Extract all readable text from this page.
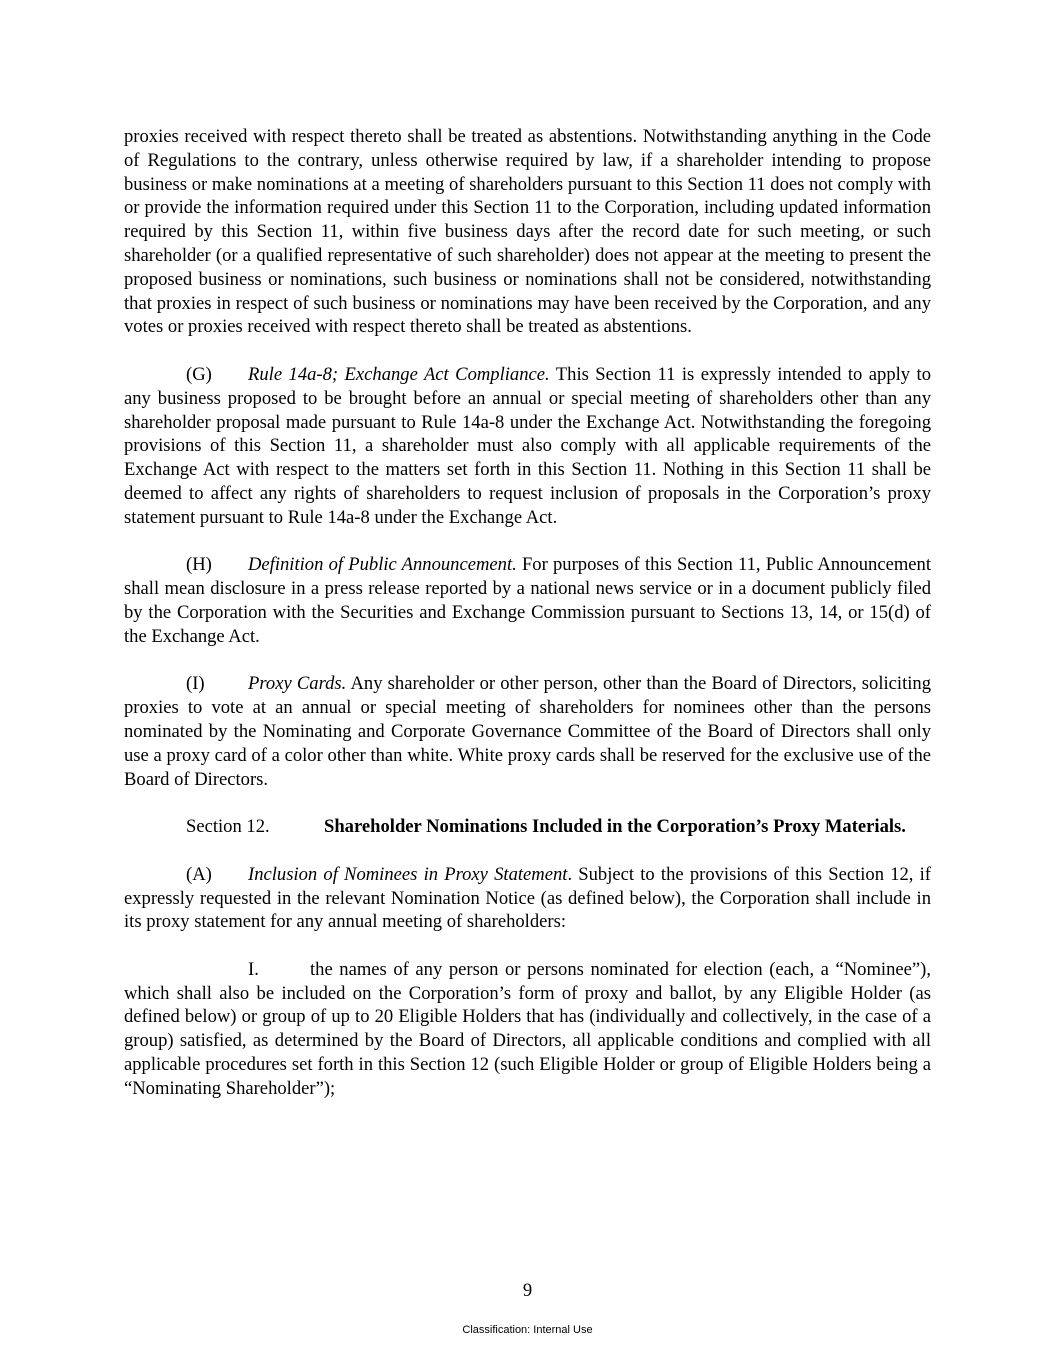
proxies received with respect thereto shall be treated as abstentions. Notwithstanding anything in the Code of Regulations to the contrary, unless otherwise required by law, if a shareholder intending to propose business or make nominations at a meeting of shareholders pursuant to this Section 11 does not comply with or provide the information required under this Section 11 to the Corporation, including updated information required by this Section 11, within five business days after the record date for such meeting, or such shareholder (or a qualified representative of such shareholder) does not appear at the meeting to present the proposed business or nominations, such business or nominations shall not be considered, notwithstanding that proxies in respect of such business or nominations may have been received by the Corporation, and any votes or proxies received with respect thereto shall be treated as abstentions.

(G) Rule 14a-8; Exchange Act Compliance. This Section 11 is expressly intended to apply to any business proposed to be brought before an annual or special meeting of shareholders other than any shareholder proposal made pursuant to Rule 14a-8 under the Exchange Act. Notwithstanding the foregoing provisions of this Section 11, a shareholder must also comply with all applicable requirements of the Exchange Act with respect to the matters set forth in this Section 11. Nothing in this Section 11 shall be deemed to affect any rights of shareholders to request inclusion of proposals in the Corporation’s proxy statement pursuant to Rule 14a-8 under the Exchange Act.

(H) Definition of Public Announcement. For purposes of this Section 11, Public Announcement shall mean disclosure in a press release reported by a national news service or in a document publicly filed by the Corporation with the Securities and Exchange Commission pursuant to Sections 13, 14, or 15(d) of the Exchange Act.

(I) Proxy Cards. Any shareholder or other person, other than the Board of Directors, soliciting proxies to vote at an annual or special meeting of shareholders for nominees other than the persons nominated by the Nominating and Corporate Governance Committee of the Board of Directors shall only use a proxy card of a color other than white. White proxy cards shall be reserved for the exclusive use of the Board of Directors.

Section 12.	Shareholder Nominations Included in the Corporation’s Proxy Materials.

(A) Inclusion of Nominees in Proxy Statement. Subject to the provisions of this Section 12, if expressly requested in the relevant Nomination Notice (as defined below), the Corporation shall include in its proxy statement for any annual meeting of shareholders:

I.	the names of any person or persons nominated for election (each, a “Nominee”), which shall also be included on the Corporation’s form of proxy and ballot, by any Eligible Holder (as defined below) or group of up to 20 Eligible Holders that has (individually and collectively, in the case of a group) satisfied, as determined by the Board of Directors, all applicable conditions and complied with all applicable procedures set forth in this Section 12 (such Eligible Holder or group of Eligible Holders being a “Nominating Shareholder”);

9
Classification: Internal Use
